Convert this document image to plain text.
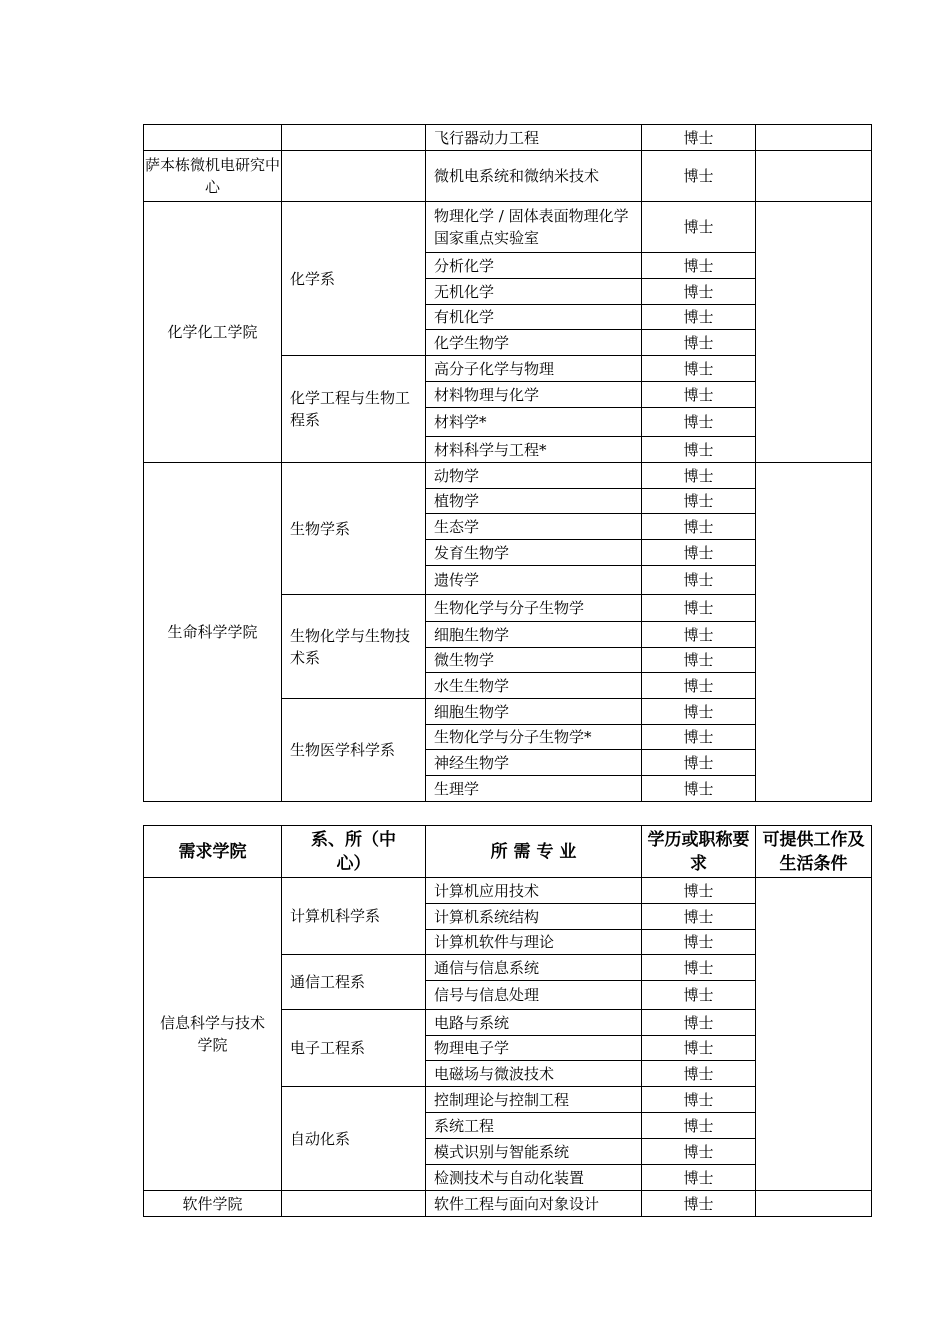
		飞行器动力工程	博士	
萨本栋微机电研究中心		微机电系统和微纳米技术	博士	
化学化工学院	化学系	物理化学 / 固体表面物理化学国家重点实验室	博士	
		分析化学	博士	
		无机化学	博士	
		有机化学	博士	
		化学生物学	博士	
	化学工程与生物工程系	高分子化学与物理	博士	
		材料物理与化学	博士	
		材料学*	博士	
		材料科学与工程*	博士	
生命科学学院	生物学系	动物学	博士	
		植物学	博士	
		生态学	博士	
		发育生物学	博士	
		遗传学	博士	
	生物化学与生物技术系	生物化学与分子生物学	博士	
		细胞生物学	博士	
		微生物学	博士	
		水生生物学	博士	
	生物医学科学系	细胞生物学	博士	
		生物化学与分子生物学*	博士	
		神经生物学	博士	
		生理学	博士	
需求学院	系、所（中心）	所 需 专 业	学历或职称要求	可提供工作及生活条件
信息科学与技术学院	计算机科学系	计算机应用技术	博士	
		计算机系统结构	博士	
		计算机软件与理论	博士	
	通信工程系	通信与信息系统	博士	
		信号与信息处理	博士	
	电子工程系	电路与系统	博士	
		物理电子学	博士	
		电磁场与微波技术	博士	
	自动化系	控制理论与控制工程	博士	
		系统工程	博士	
		模式识别与智能系统	博士	
		检测技术与自动化装置	博士	
软件学院		软件工程与面向对象设计	博士	
